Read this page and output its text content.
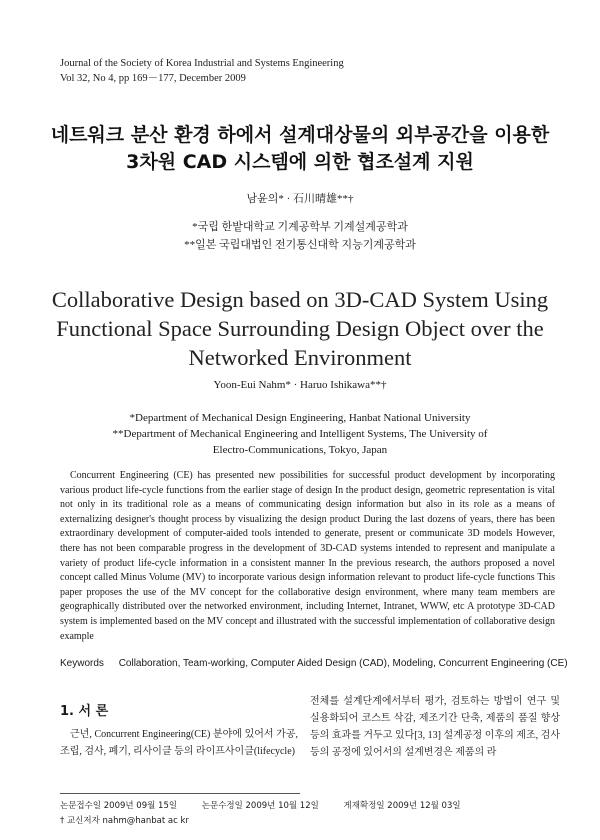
Journal of the Society of Korea Industrial and Systems Engineering
Vol 32, No 4, pp 169－177, December 2009
네트워크 분산 환경 하에서 설계대상물의 외부공간을 이용한
3차원 CAD 시스템에 의한 협조설계 지원
남윤의* · 石川晴雄**†
*국립 한밭대학교 기계공학부 기계설계공학과
**일본 국립대법인 전기통신대학 지능기계공학과
Collaborative Design based on 3D-CAD System Using
Functional Space Surrounding Design Object over the
Networked Environment
Yoon-Eui Nahm* · Haruo Ishikawa**†
*Department of Mechanical Design Engineering, Hanbat National University
**Department of Mechanical Engineering and Intelligent Systems, The University of
Electro-Communications, Tokyo, Japan
Concurrent Engineering (CE) has presented new possibilities for successful product development by incorporating various product life-cycle functions from the earlier stage of design In the product design, geometric representation is vital not only in its traditional role as a means of communicating design information but also in its role as a means of externalizing designer's thought process by visualizing the design product During the last dozens of years, there has been extraordinary development of computer-aided tools intended to generate, present or communicate 3D models However, there has not been comparable progress in the development of 3D-CAD systems intended to represent and manipulate a variety of product life-cycle information in a consistent manner In the previous research, the authors proposed a novel concept called Minus Volume (MV) to incorporate various design information relevant to product life-cycle functions This paper proposes the use of the MV concept for the collaborative design environment, where many team members are geographically distributed over the networked environment, including Internet, Intranet, WWW, etc A prototype 3D-CAD system is implemented based on the MV concept and illustrated with the successful implementation of collaborative design example
Keywords Collaboration, Team-working, Computer Aided Design (CAD), Modeling, Concurrent Engineering (CE)
1. 서 론
근년, Concurrent Engineering(CE) 분야에 있어서 가공, 조립, 검사, 폐기, 리사이클 등의 라이프사이클(lifecycle)
전체를 설계단계에서부터 평가, 검토하는 방법이 연구 및 실용화되어 코스트 삭감, 제조기간 단축, 제품의 품질 향상 등의 효과를 거두고 있다[3, 13] 설계공정 이후의 제조, 검사 등의 공정에 있어서의 설계변경은 제품의 라
논문접수일 2009년 09월 15일	논문수정일 2009년 10월 12일	게재확정일 2009년 12월 03일
† 교신저자 nahm@hanbat ac kr
